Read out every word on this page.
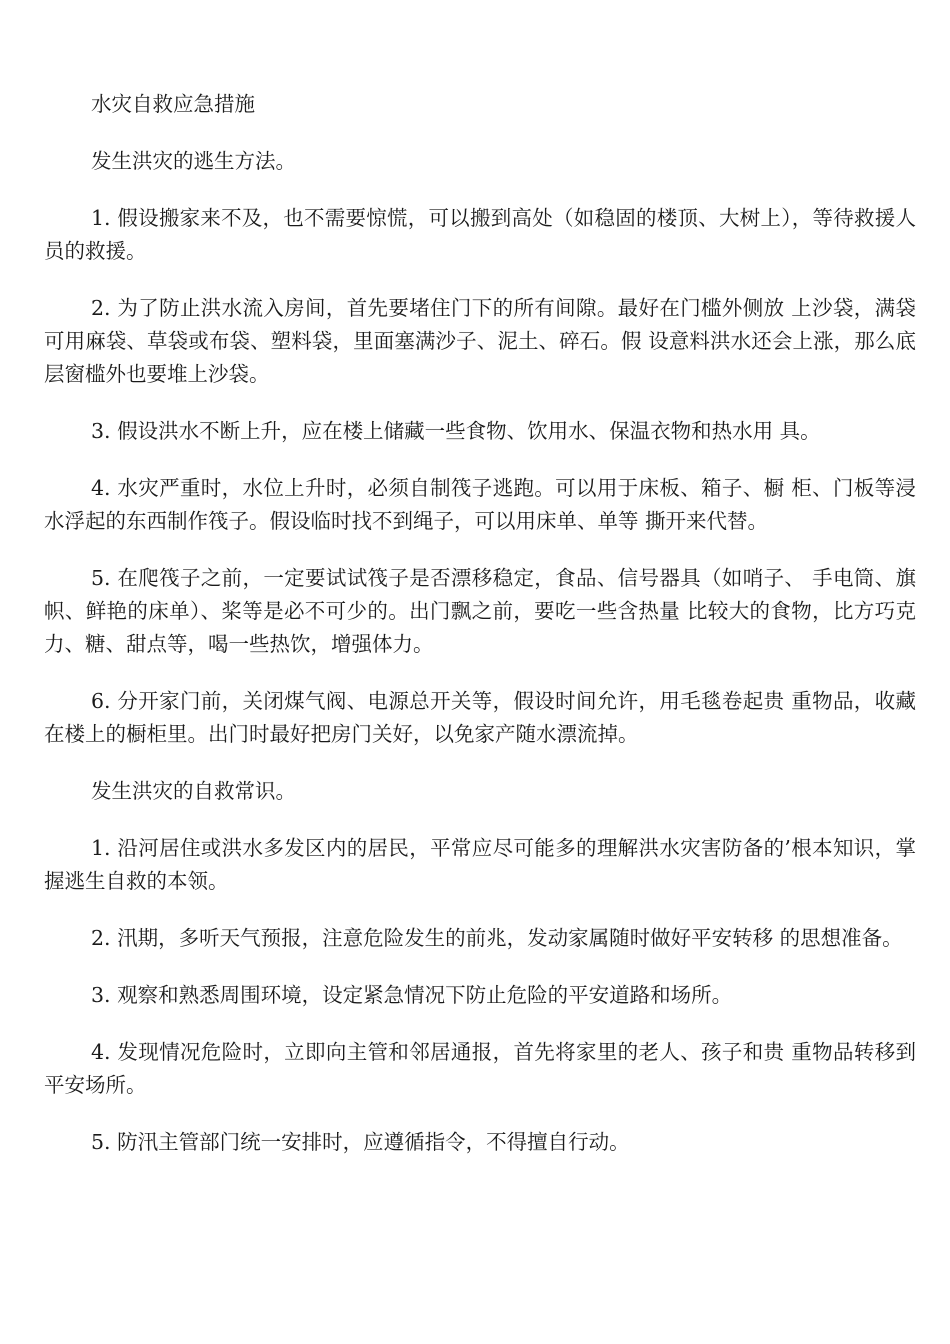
水灾自救应急措施

发生洪灾的逃生方法。

1. 假设搬家来不及，也不需要惊慌，可以搬到高处（如稳固的楼顶、大树上），等待救援人员的救援。

2. 为了防止洪水流入房间，首先要堵住门下的所有间隙。最好在门槛外侧放 上沙袋，满袋可用麻袋、草袋或布袋、塑料袋，里面塞满沙子、泥土、碎石。假 设意料洪水还会上涨，那么底层窗槛外也要堆上沙袋。

3. 假设洪水不断上升，应在楼上储藏一些食物、饮用水、保温衣物和热水用 具。

4. 水灾严重时，水位上升时，必须自制筏子逃跑。可以用于床板、箱子、橱 柜、门板等浸水浮起的东西制作筏子。假设临时找不到绳子，可以用床单、单等 撕开来代替。

5. 在爬筏子之前，一定要试试筏子是否漂移稳定，食品、信号器具（如哨子、 手电筒、旗帜、鲜艳的床单）、桨等是必不可少的。出门飘之前，要吃一些含热量 比较大的食物，比方巧克力、糖、甜点等，喝一些热饮，增强体力。

6. 分开家门前，关闭煤气阀、电源总开关等，假设时间允许，用毛毯卷起贵 重物品，收藏在楼上的橱柜里。出门时最好把房门关好，以免家产随水漂流掉。

发生洪灾的自救常识。

1. 沿河居住或洪水多发区内的居民，平常应尽可能多的理解洪水灾害防备的’根本知识，掌握逃生自救的本领。

2. 汛期，多听天气预报，注意危险发生的前兆，发动家属随时做好平安转移 的思想准备。

3. 观察和熟悉周围环境，设定紧急情况下防止危险的平安道路和场所。

4. 发现情况危险时，立即向主管和邻居通报，首先将家里的老人、孩子和贵 重物品转移到平安场所。

5. 防汛主管部门统一安排时，应遵循指令，不得擅自行动。
